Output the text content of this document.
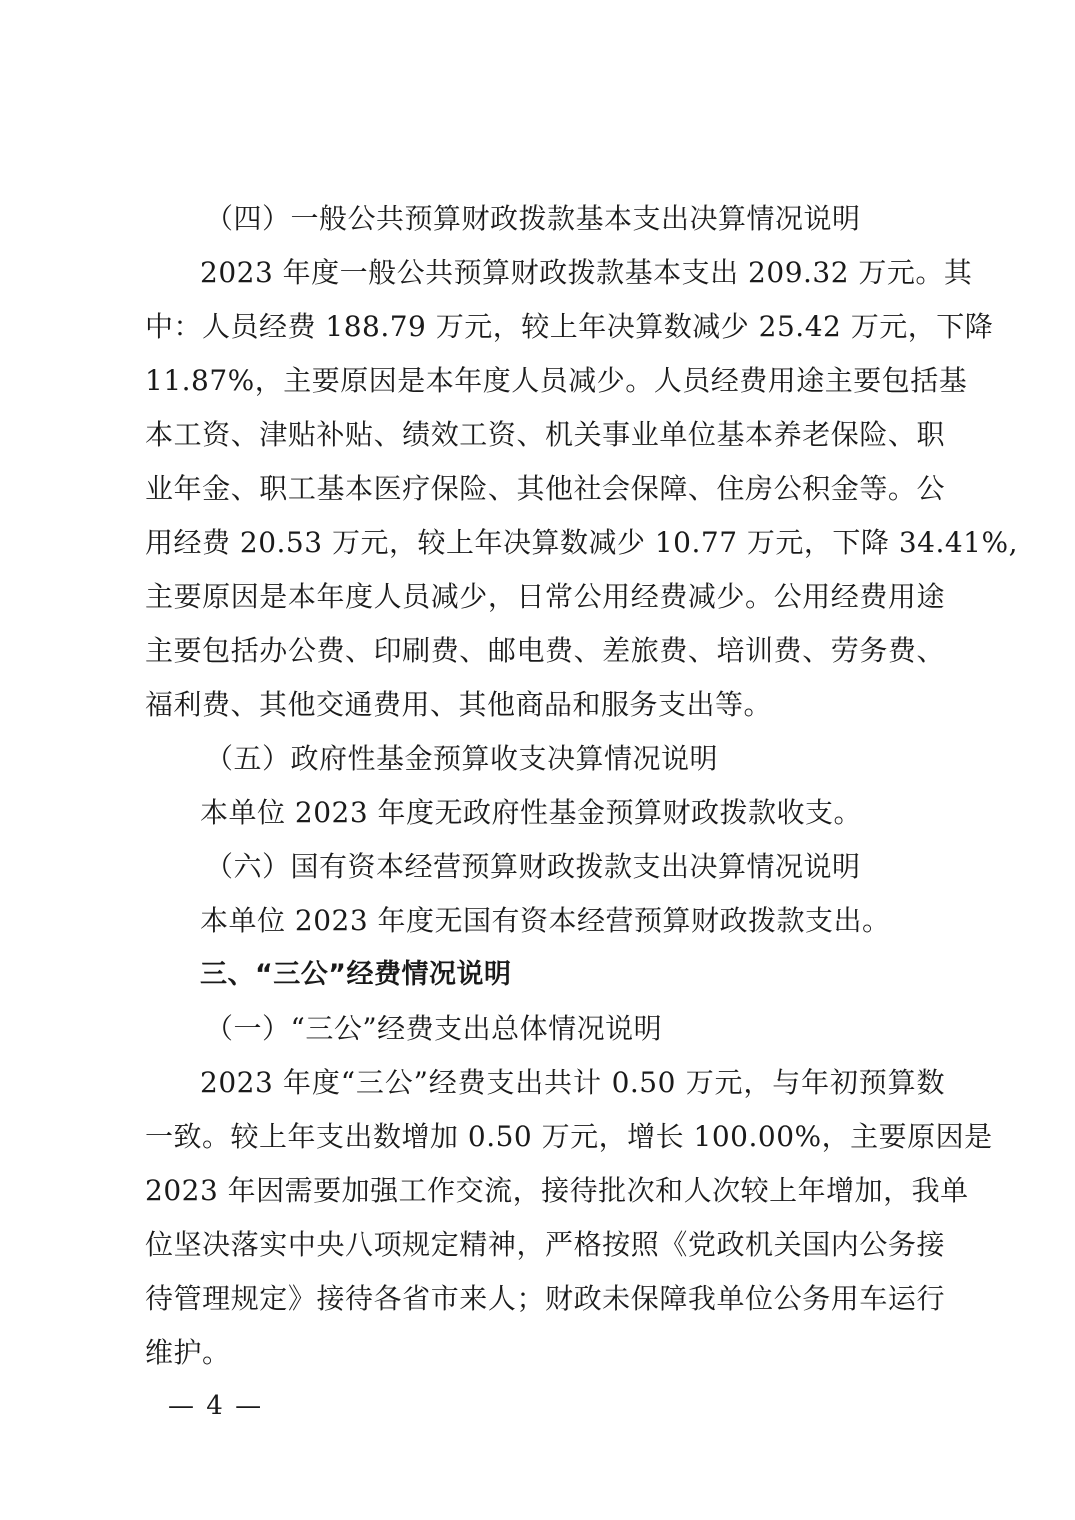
（四）一般公共预算财政拨款基本支出决算情况说明
2023 年度一般公共预算财政拨款基本支出 209.32 万元。其
中：人员经费 188.79 万元，较上年决算数减少 25.42 万元，下降
11.87%，主要原因是本年度人员减少。人员经费用途主要包括基
本工资、津贴补贴、绩效工资、机关事业单位基本养老保险、职
业年金、职工基本医疗保险、其他社会保障、住房公积金等。公
用经费 20.53 万元，较上年决算数减少 10.77 万元，下降 34.41%,
主要原因是本年度人员减少，日常公用经费减少。公用经费用途
主要包括办公费、印刷费、邮电费、差旅费、培训费、劳务费、
福利费、其他交通费用、其他商品和服务支出等。
（五）政府性基金预算收支决算情况说明
本单位 2023 年度无政府性基金预算财政拨款收支。
（六）国有资本经营预算财政拨款支出决算情况说明
本单位 2023 年度无国有资本经营预算财政拨款支出。
三、“三公”经费情况说明
（一）“三公”经费支出总体情况说明
2023 年度“三公”经费支出共计 0.50 万元，与年初预算数
一致。较上年支出数增加 0.50 万元，增长 100.00%，主要原因是
2023 年因需要加强工作交流，接待批次和人次较上年增加，我单
位坚决落实中央八项规定精神，严格按照《党政机关国内公务接
待管理规定》接待各省市来人；财政未保障我单位公务用车运行
维护。
— 4 —
